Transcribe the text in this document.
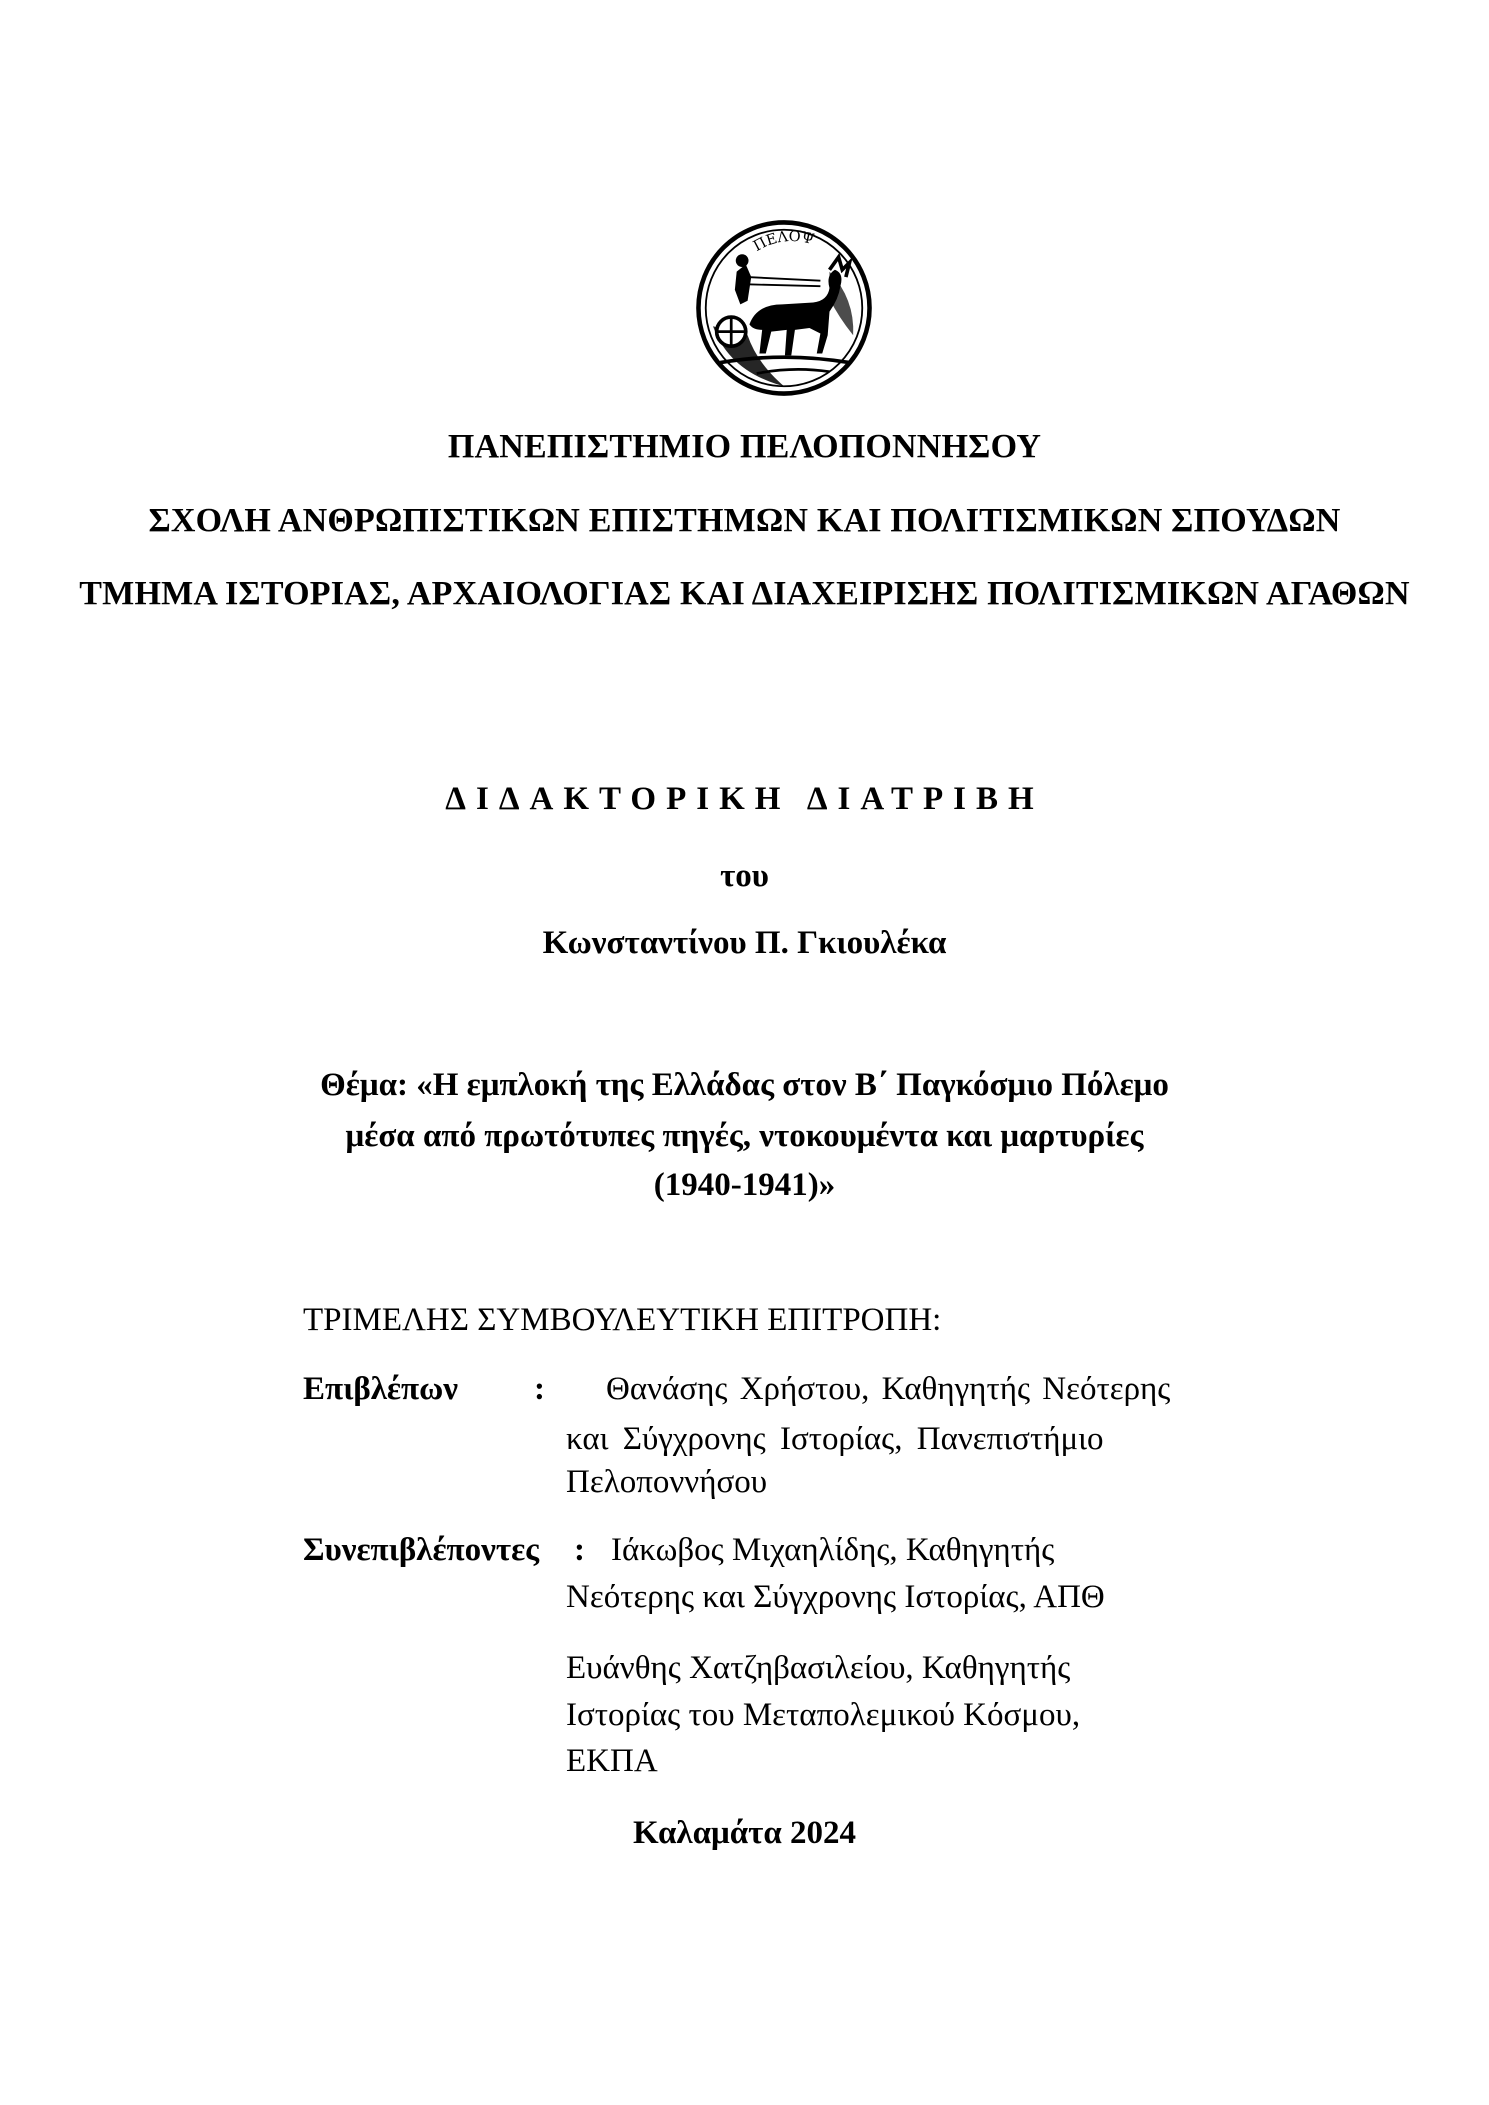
ΠΕΛΟΨ
ΠΑΝΕΠΙΣΤΗΜΙΟ ΠΕΛΟΠΟΝΝΗΣΟΥ
ΣΧΟΛΗ ΑΝΘΡΩΠΙΣΤΙΚΩΝ ΕΠΙΣΤΗΜΩΝ ΚΑΙ ΠΟΛΙΤΙΣΜΙΚΩΝ ΣΠΟΥΔΩΝ
ΤΜΗΜΑ ΙΣΤΟΡΙΑΣ, ΑΡΧΑΙΟΛΟΓΙΑΣ ΚΑΙ ΔΙΑΧΕΙΡΙΣΗΣ ΠΟΛΙΤΙΣΜΙΚΩΝ ΑΓΑΘΩΝ
ΔΙΔΑΚΤΟΡΙΚΗ ΔΙΑΤΡΙΒΗ
του
Κωνσταντίνου Π. Γκιουλέκα
Θέμα: «Η εμπλοκή της Ελλάδας στον Β΄ Παγκόσμιο Πόλεμο
μέσα από πρωτότυπες πηγές, ντοκουμέντα και μαρτυρίες
(1940-1941)»
ΤΡΙΜΕΛΗΣ ΣΥΜΒΟΥΛΕΥΤΙΚΗ ΕΠΙΤΡΟΠΗ:
Επιβλέπων : Θανάσης Χρήστου, Καθηγητής Νεότερης
και Σύγχρονης Ιστορίας, Πανεπιστήμιο
Πελοποννήσου
Συνεπιβλέποντες : Ιάκωβος Μιχαηλίδης, Καθηγητής
Νεότερης και Σύγχρονης Ιστορίας, ΑΠΘ
Ευάνθης Χατζηβασιλείου, Καθηγητής
Ιστορίας του Μεταπολεμικού Κόσμου,
ΕΚΠΑ
Καλαμάτα 2024
